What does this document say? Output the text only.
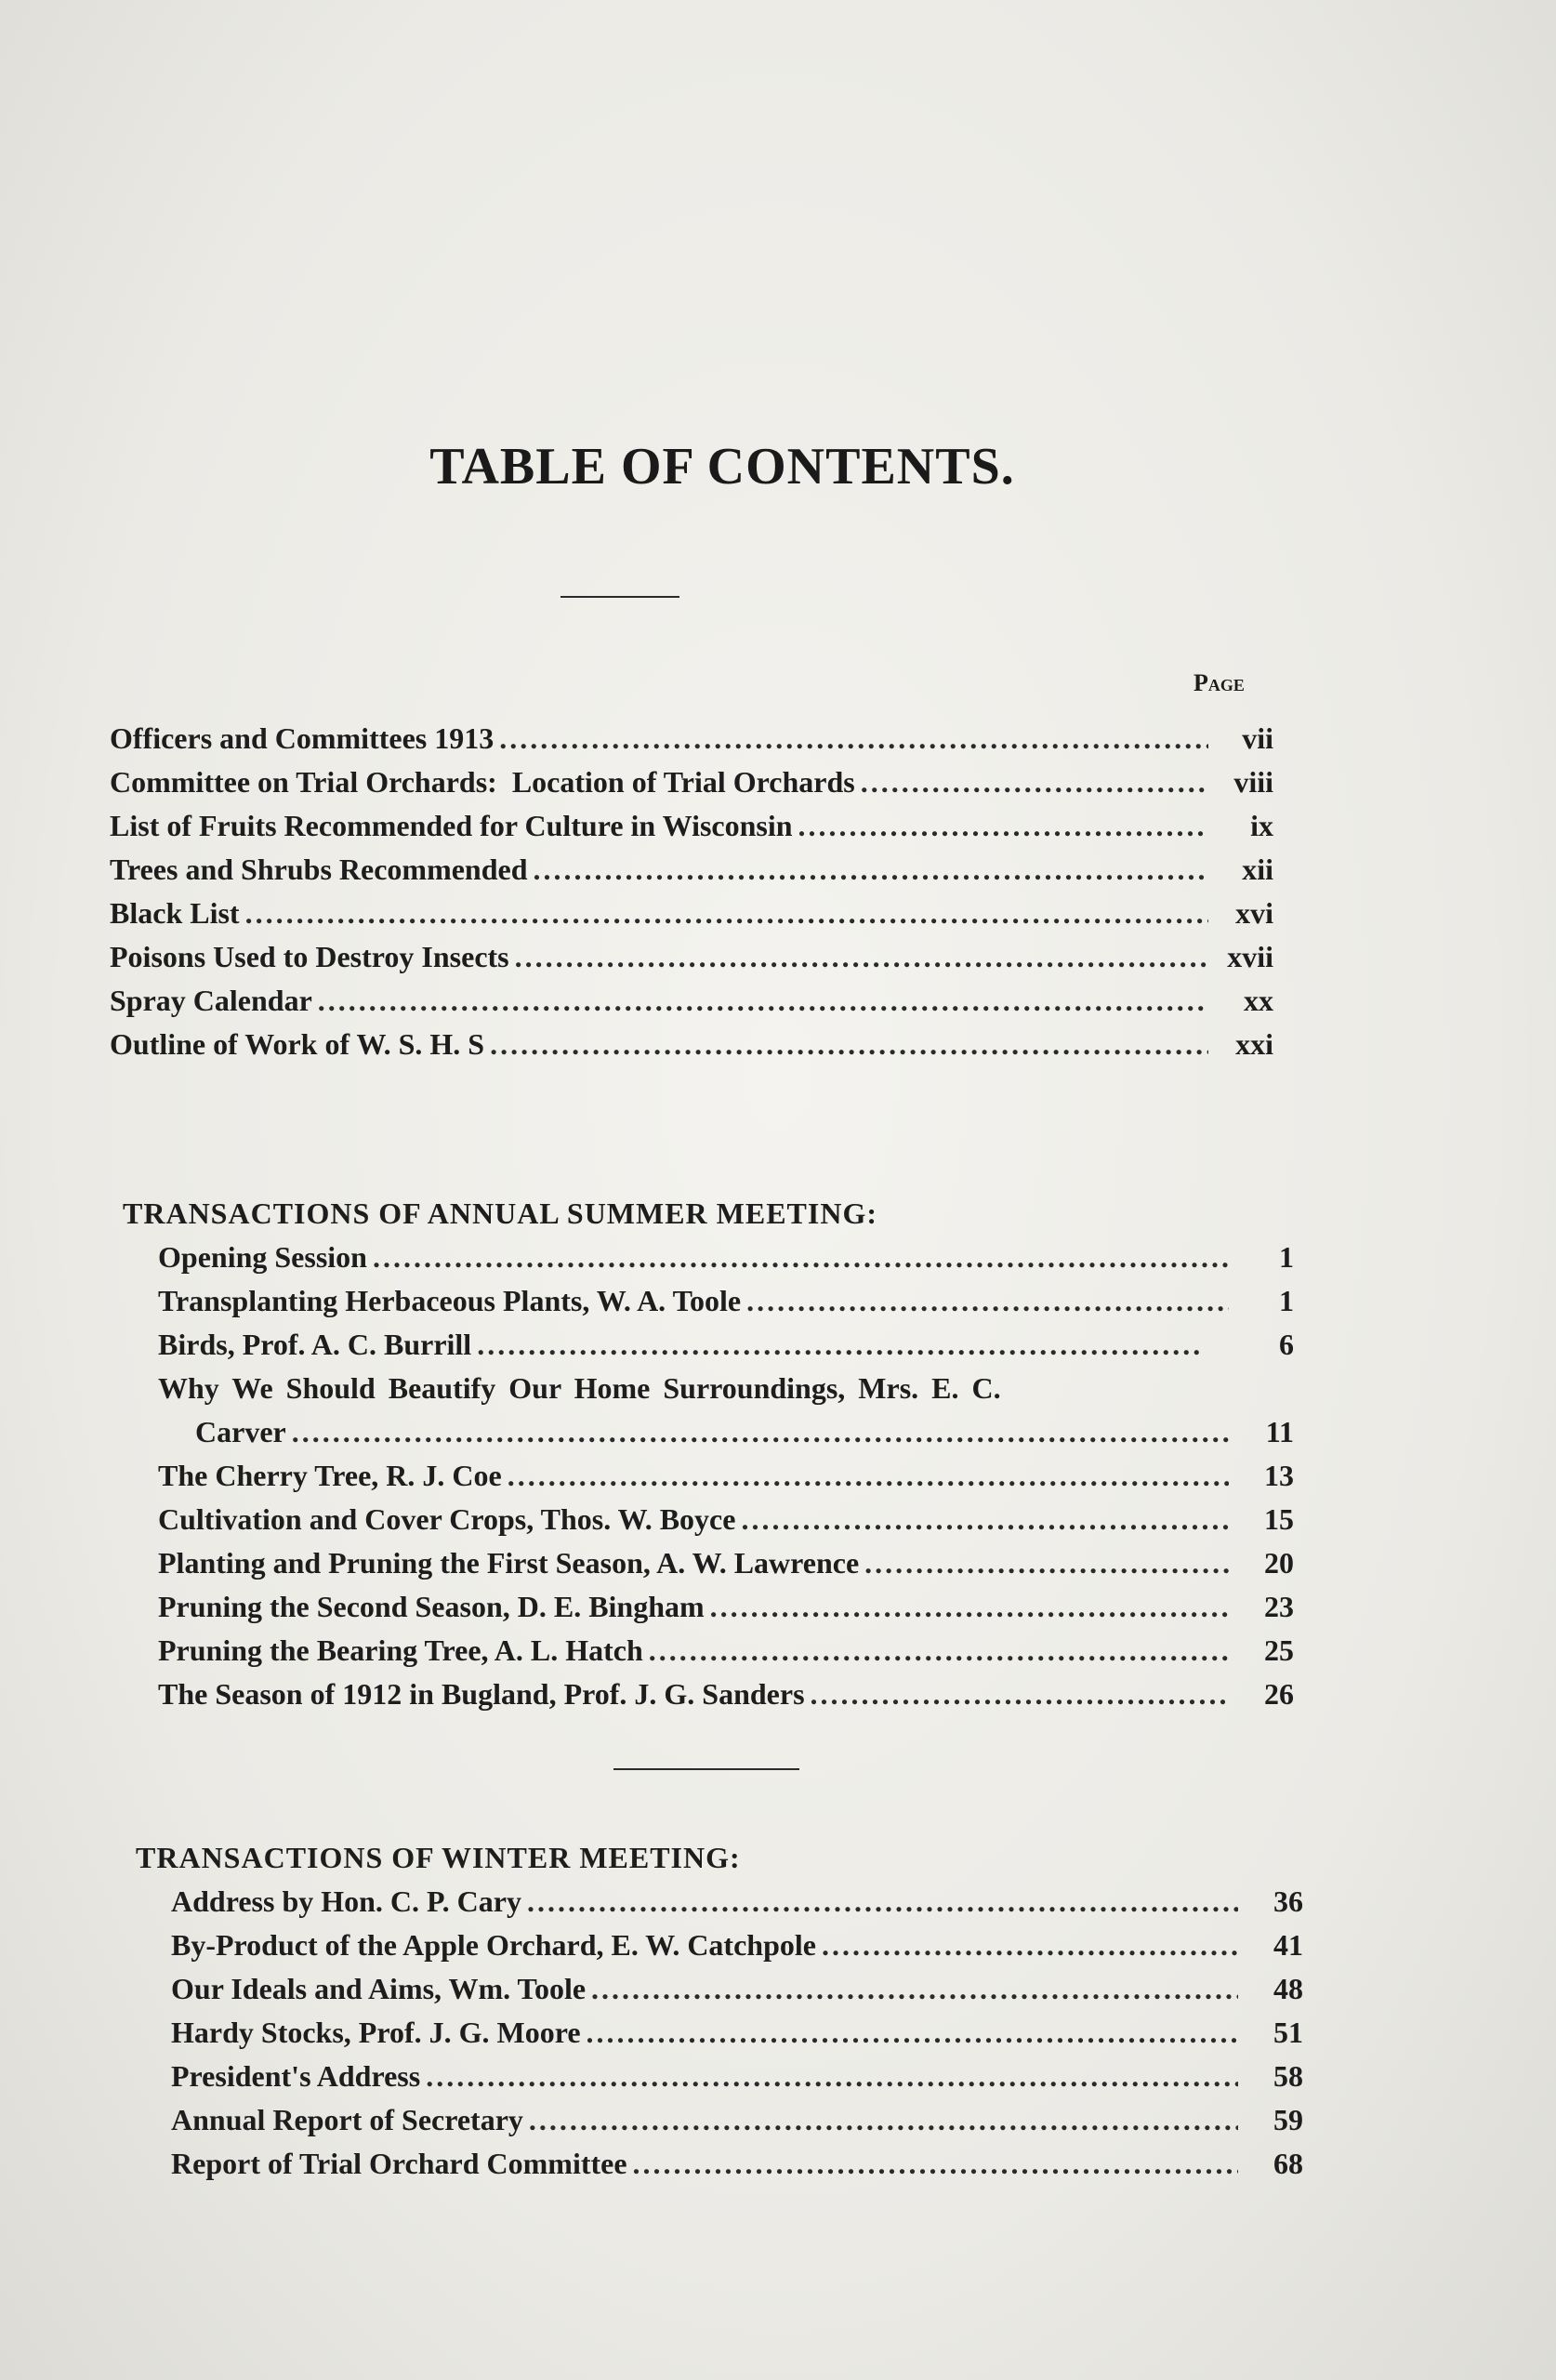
TABLE OF CONTENTS.
Page
Officers and Committees 1913 .....	vii
Committee on Trial Orchards:  Location of Trial Orchards .....	viii
List of Fruits Recommended for Culture in Wisconsin .....	ix
Trees and Shrubs Recommended .....	xii
Black List .....	xvi
Poisons Used to Destroy Insects .....	xvii
Spray Calendar .....	xx
Outline of Work of W. S. H. S .....	xxi
TRANSACTIONS OF ANNUAL SUMMER MEETING:
Opening Session .....	1
Transplanting Herbaceous Plants, W. A. Toole .....	1
Birds, Prof. A. C. Burrill .....	6
Why We Should Beautify Our Home Surroundings, Mrs. E. C.
Carver .....	11
The Cherry Tree, R. J. Coe .....	13
Cultivation and Cover Crops, Thos. W. Boyce .....	15
Planting and Pruning the First Season, A. W. Lawrence .....	20
Pruning the Second Season, D. E. Bingham .....	23
Pruning the Bearing Tree, A. L. Hatch .....	25
The Season of 1912 in Bugland, Prof. J. G. Sanders .....	26
TRANSACTIONS OF WINTER MEETING:
Address by Hon. C. P. Cary .....	36
By-Product of the Apple Orchard, E. W. Catchpole .....	41
Our Ideals and Aims, Wm. Toole .....	48
Hardy Stocks, Prof. J. G. Moore .....	51
President's Address .....	58
Annual Report of Secretary .....	59
Report of Trial Orchard Committee .....	68
